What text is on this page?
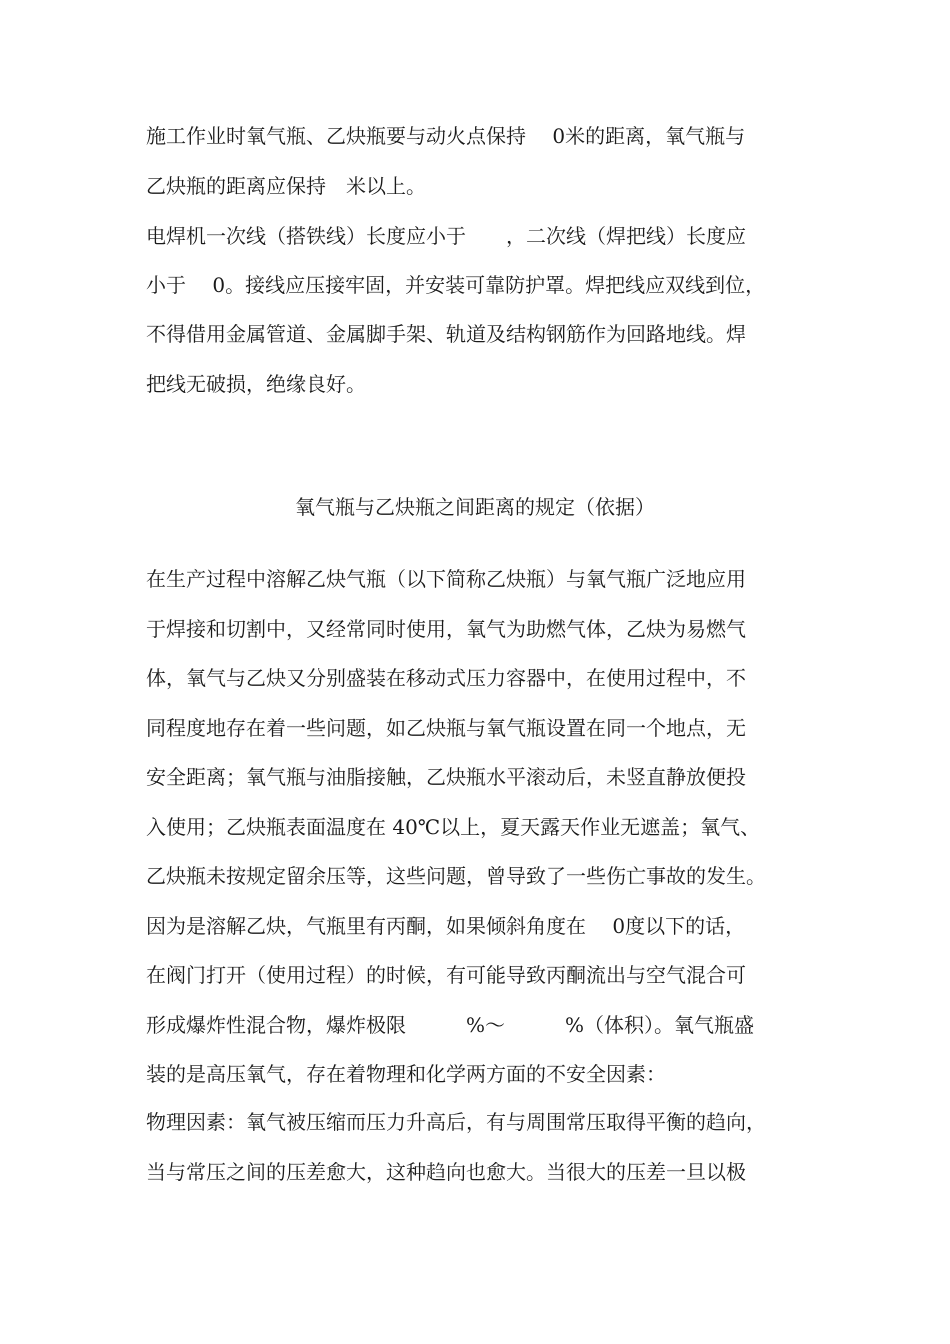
施工作业时氧气瓶、乙炔瓶要与动火点保持　 0米的距离，氧气瓶与
乙炔瓶的距离应保持　米以上。
电焊机一次线（搭铁线）长度应小于　　，二次线（焊把线）长度应
小于　 0。接线应压接牢固，并安装可靠防护罩。焊把线应双线到位，
不得借用金属管道、金属脚手架、轨道及结构钢筋作为回路地线。焊
把线无破损，绝缘良好。
氧气瓶与乙炔瓶之间距离的规定（依据）
在生产过程中溶解乙炔气瓶（以下简称乙炔瓶）与氧气瓶广泛地应用
于焊接和切割中，又经常同时使用，氧气为助燃气体，乙炔为易燃气
体，氧气与乙炔又分别盛装在移动式压力容器中，在使用过程中，不
同程度地存在着一些问题，如乙炔瓶与氧气瓶设置在同一个地点，无
安全距离；氧气瓶与油脂接触，乙炔瓶水平滚动后，未竖直静放便投
入使用；乙炔瓶表面温度在 40℃以上，夏天露天作业无遮盖；氧气、
乙炔瓶未按规定留余压等，这些问题，曾导致了一些伤亡事故的发生。
因为是溶解乙炔，气瓶里有丙酮，如果倾斜角度在　 0度以下的话，
在阀门打开（使用过程）的时候，有可能导致丙酮流出与空气混合可
形成爆炸性混合物，爆炸极限　　　%～　　　%（体积）。氧气瓶盛
装的是高压氧气，存在着物理和化学两方面的不安全因素：
物理因素：氧气被压缩而压力升高后，有与周围常压取得平衡的趋向，
当与常压之间的压差愈大，这种趋向也愈大。当很大的压差一旦以极
